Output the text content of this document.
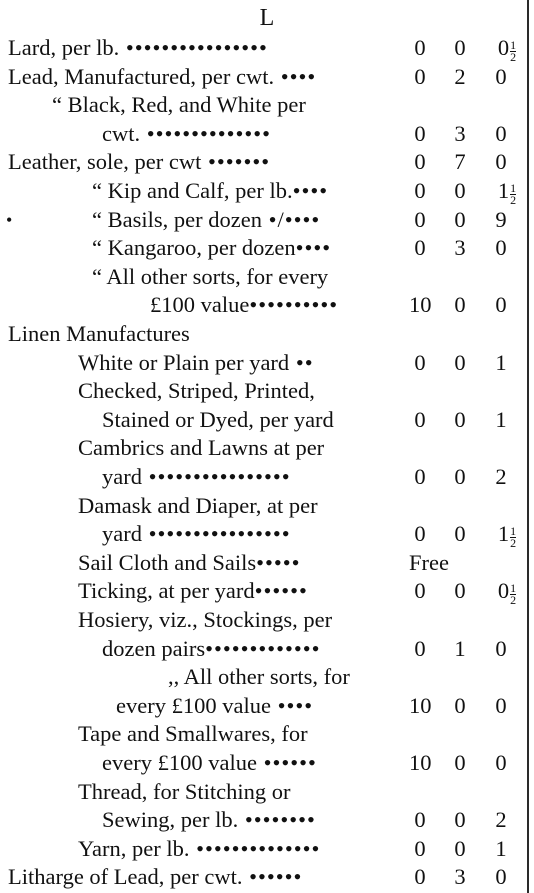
L
Lard, per lb. ••••••••••••••••	0 0	$0 \frac{1}{2}$
Lead, Manufactured, per cwt. ••••	0 2 0
“ Black, Red, and White per
cwt. ••••••••••••••	0 3 0
Leather, sole, per cwt •••••••	0 7 0
“ Kip and Calf, per lb.••••	0 0	$1 \frac{1}{2}$
“ Basils, per dozen •/••••
•	0 0 9
“ Kangaroo, per dozen••••	0 3 0
“ All other sorts, for every
£100 value••••••••••	10 0 0
Linen Manufactures
White or Plain per yard ••	0 0 1
Checked, Striped, Printed,
Stained or Dyed, per yard	0 0 1
Cambrics and Lawns at per
yard ••••••••••••••••	0 0 2
Damask and Diaper, at per
yard ••••••••••••••••	0 0	$1 \frac{1}{2}$
Sail Cloth and Sails•••••	Free
Ticking, at per yard••••••	0 0	$0 \frac{1}{2}$
Hosiery, viz., Stockings, per
dozen pairs•••••••••••••	0 1 0
,, All other sorts, for
every £100 value ••••	10 0 0
Tape and Smallwares, for
every £100 value ••••••	10 0 0
Thread, for Stitching or
Sewing, per lb. ••••••••	0 0 2
Yarn, per lb. ••••••••••••••	0 0 1
Litharge of Lead, per cwt. ••••••	0 3 0
